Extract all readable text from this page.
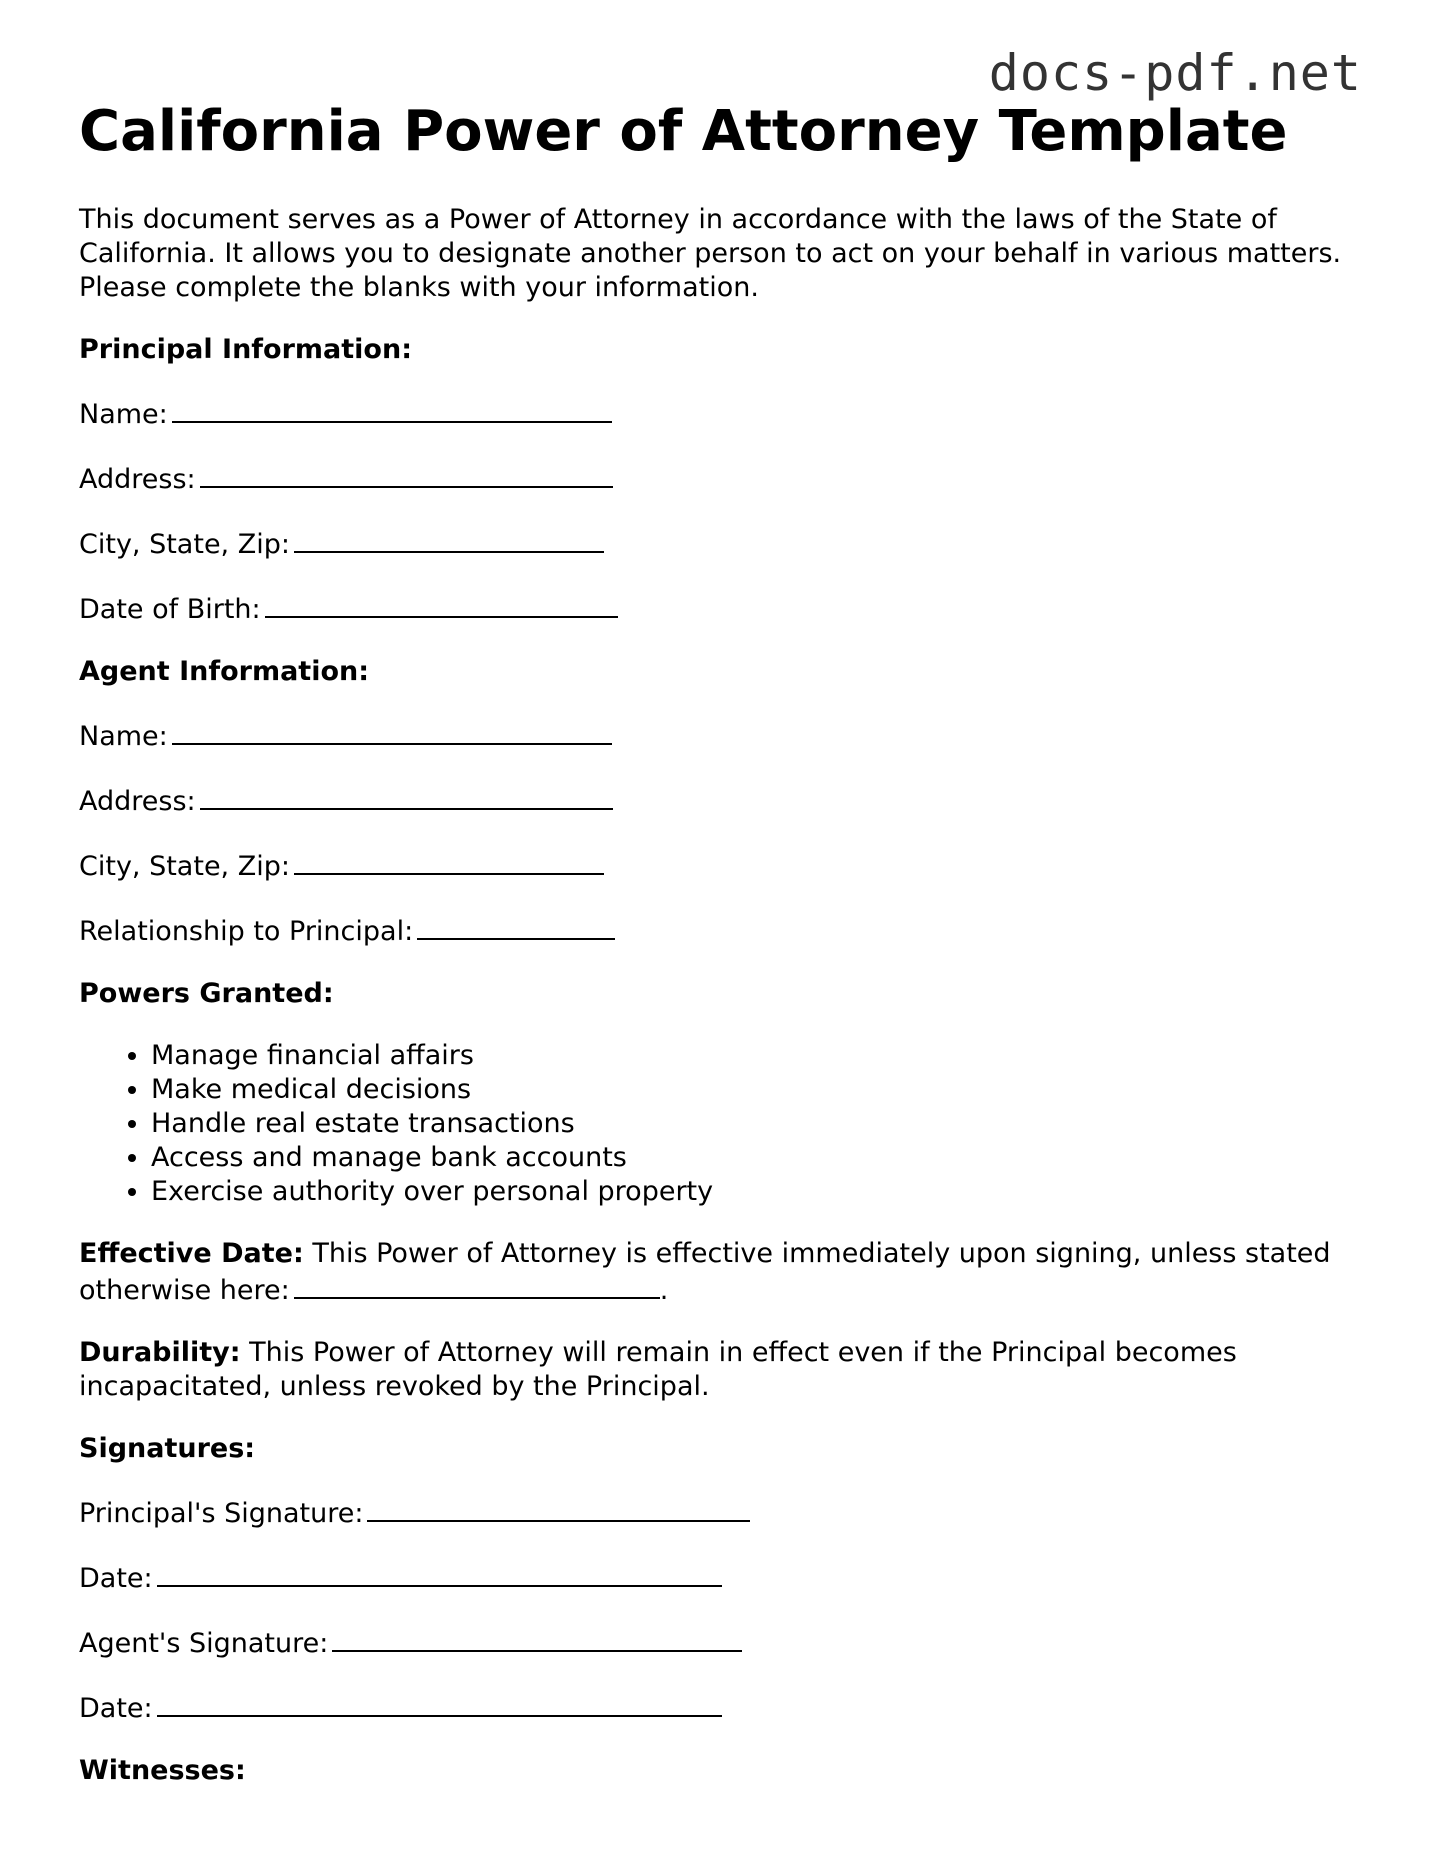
docs-pdf.net
California Power of Attorney Template

This document serves as a Power of Attorney in accordance with the laws of the State of California. It allows you to designate another person to act on your behalf in various matters. Please complete the blanks with your information.

Principal Information:

Name:

Address:

City, State, Zip:

Date of Birth:

Agent Information:

Name:

Address:

City, State, Zip:

Relationship to Principal:

Powers Granted:

• Manage financial affairs
• Make medical decisions
• Handle real estate transactions
• Access and manage bank accounts
• Exercise authority over personal property

Effective Date: This Power of Attorney is effective immediately upon signing, unless stated otherwise here:	.

Durability: This Power of Attorney will remain in effect even if the Principal becomes incapacitated, unless revoked by the Principal.

Signatures:

Principal's Signature:

Date:

Agent's Signature:

Date:

Witnesses:
